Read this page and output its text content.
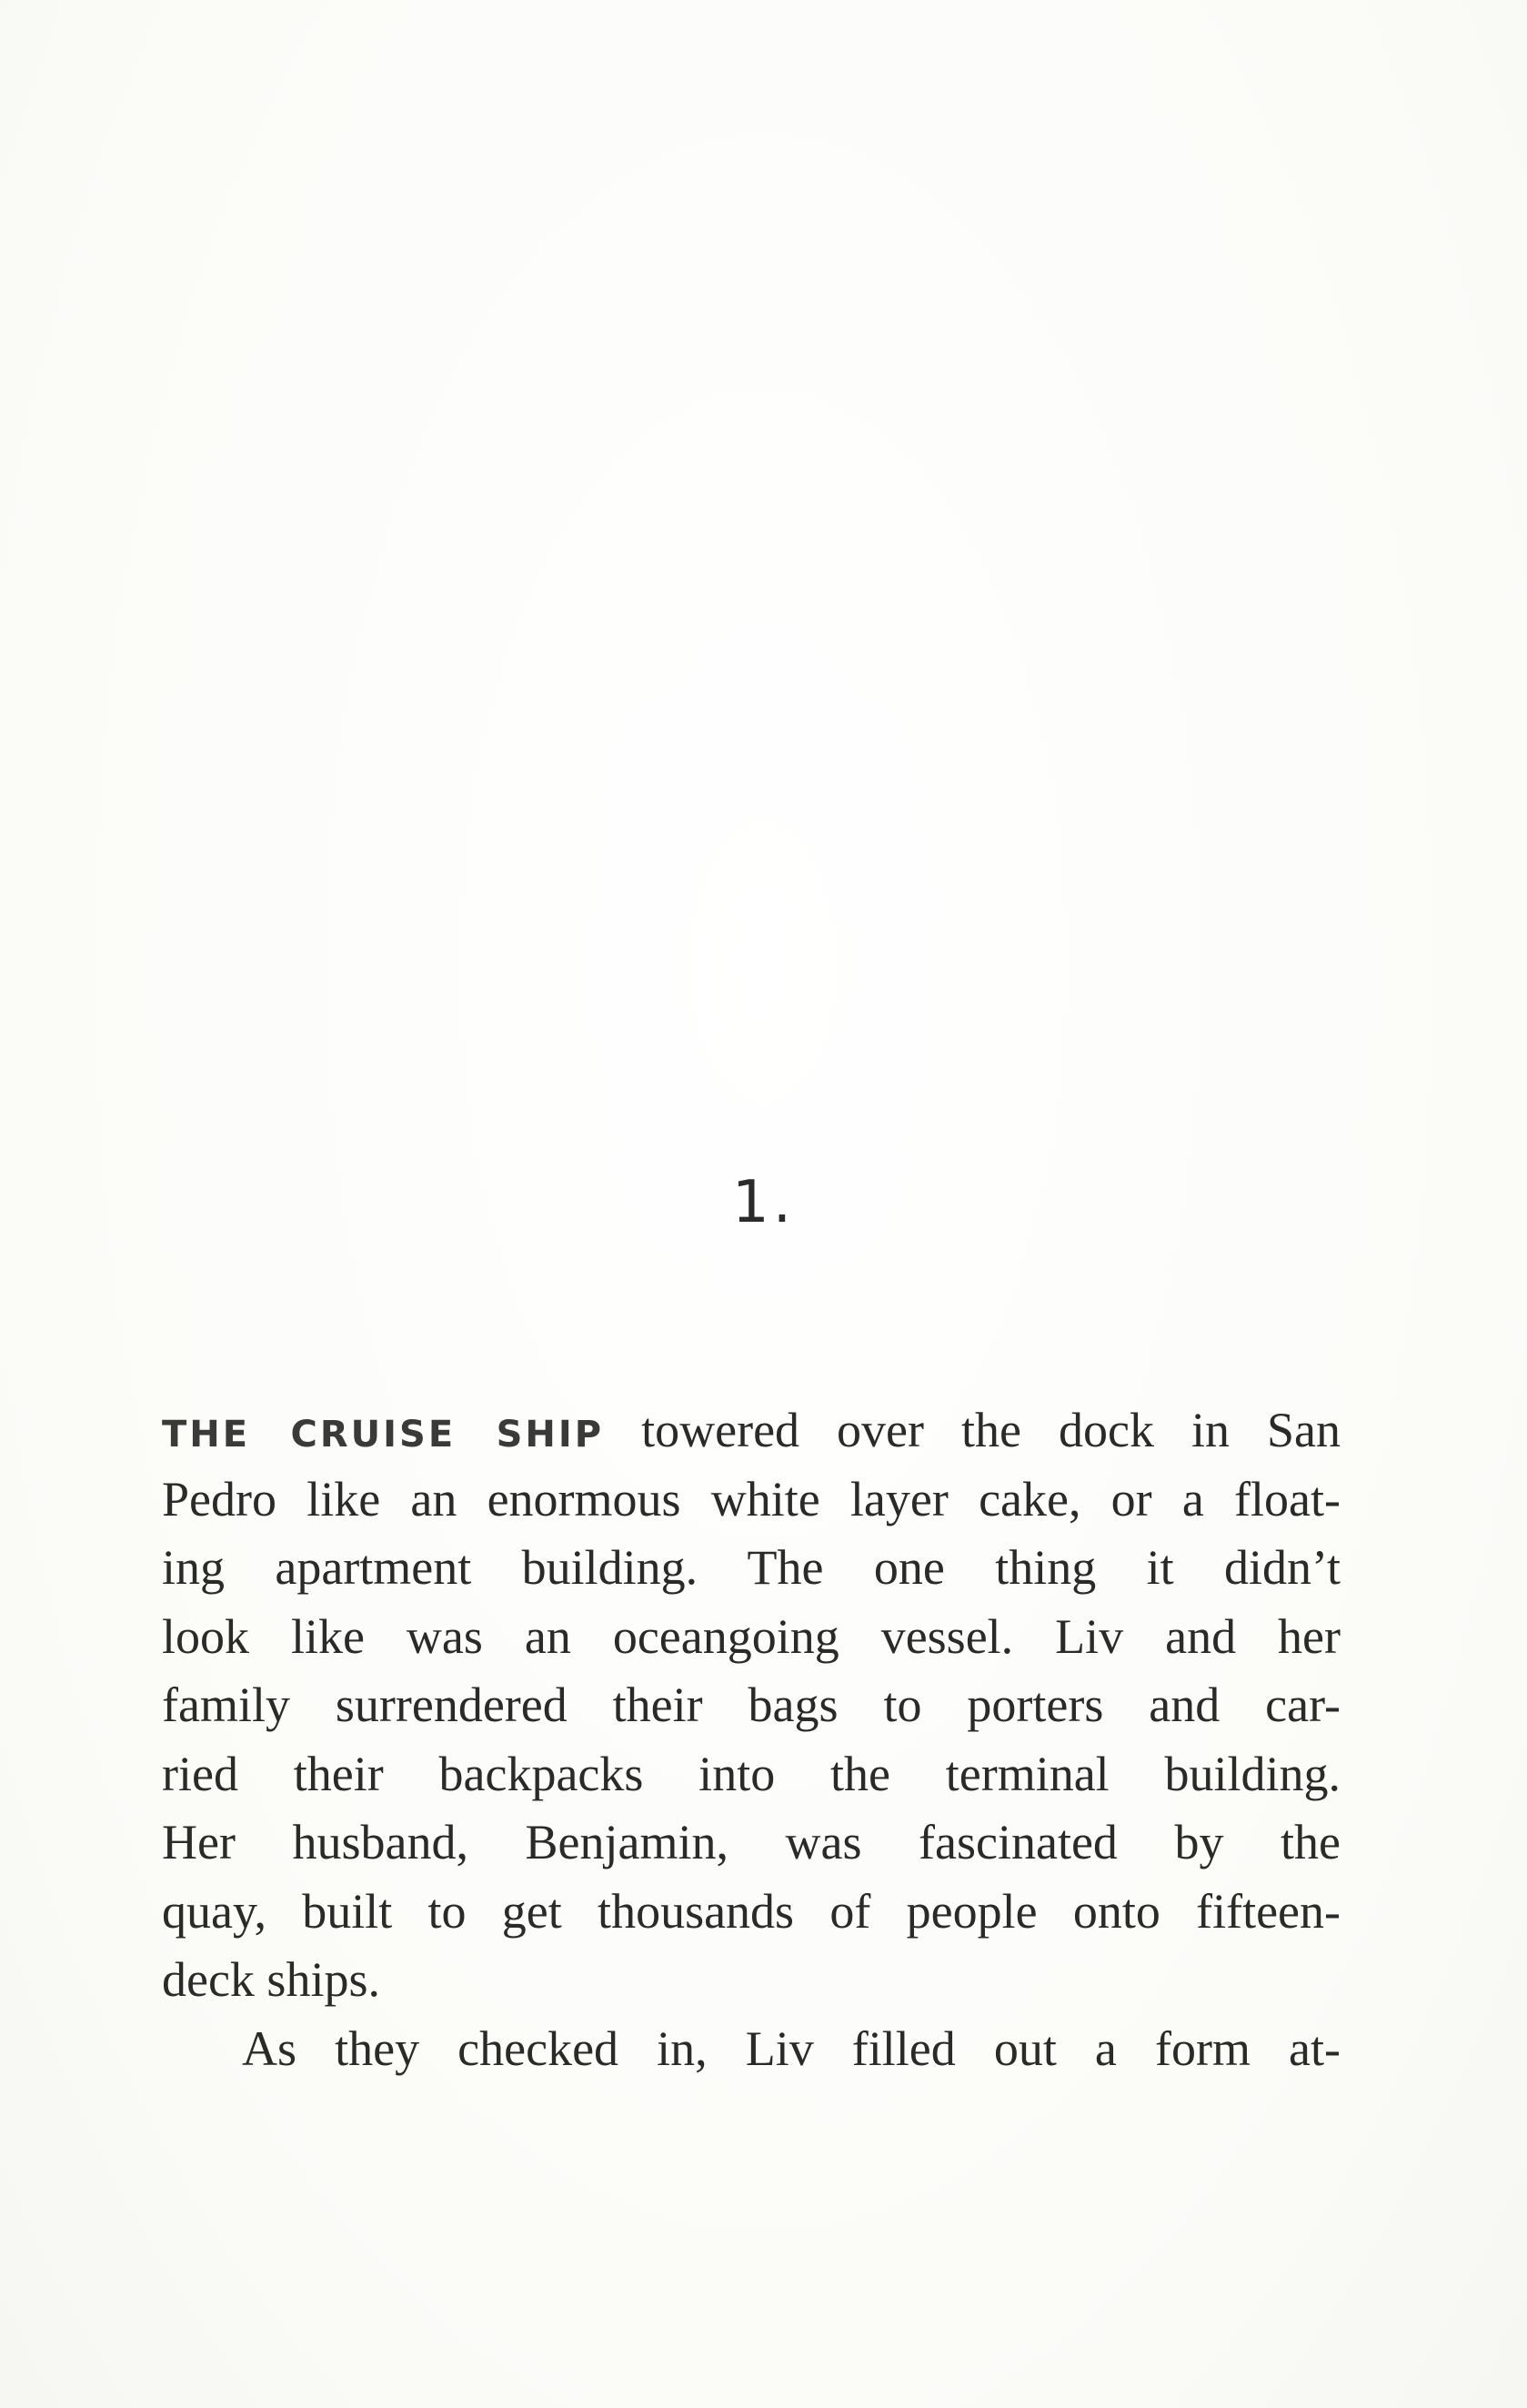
1.
THE CRUISE SHIP towered over the dock in San
Pedro like an enormous white layer cake, or a float-
ing apartment building. The one thing it didn’t
look like was an oceangoing vessel. Liv and her
family surrendered their bags to porters and car-
ried their backpacks into the terminal building.
Her husband, Benjamin, was fascinated by the
quay, built to get thousands of people onto fifteen-
deck ships.
As they checked in, Liv filled out a form at-
